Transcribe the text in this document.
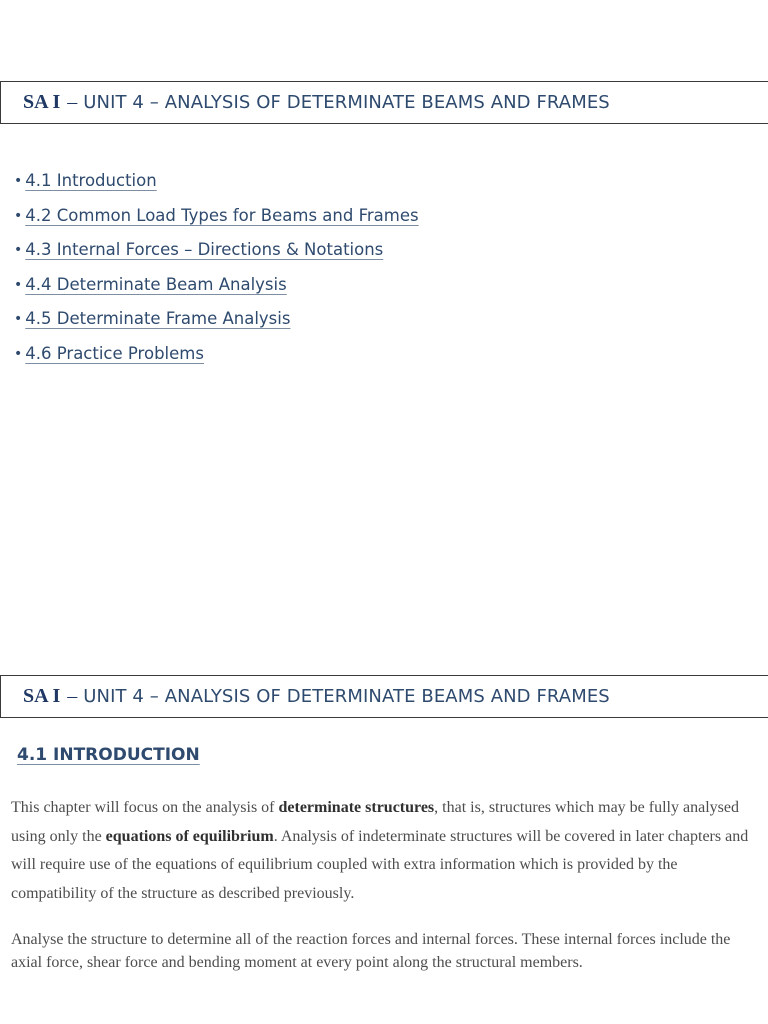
SA I – UNIT 4 – ANALYSIS OF DETERMINATE BEAMS AND FRAMES
• 4.1 Introduction
• 4.2 Common Load Types for Beams and Frames
• 4.3 Internal Forces – Directions & Notations
• 4.4 Determinate Beam Analysis
• 4.5 Determinate Frame Analysis
• 4.6 Practice Problems
SA I – UNIT 4 – ANALYSIS OF DETERMINATE BEAMS AND FRAMES
4.1 INTRODUCTION

This chapter will focus on the analysis of determinate structures, that is, structures which may be fully analysed using only the equations of equilibrium. Analysis of indeterminate structures will be covered in later chapters and will require use of the equations of equilibrium coupled with extra information which is provided by the compatibility of the structure as described previously.

Analyse the structure to determine all of the reaction forces and internal forces. These internal forces include the axial force, shear force and bending moment at every point along the structural members.
